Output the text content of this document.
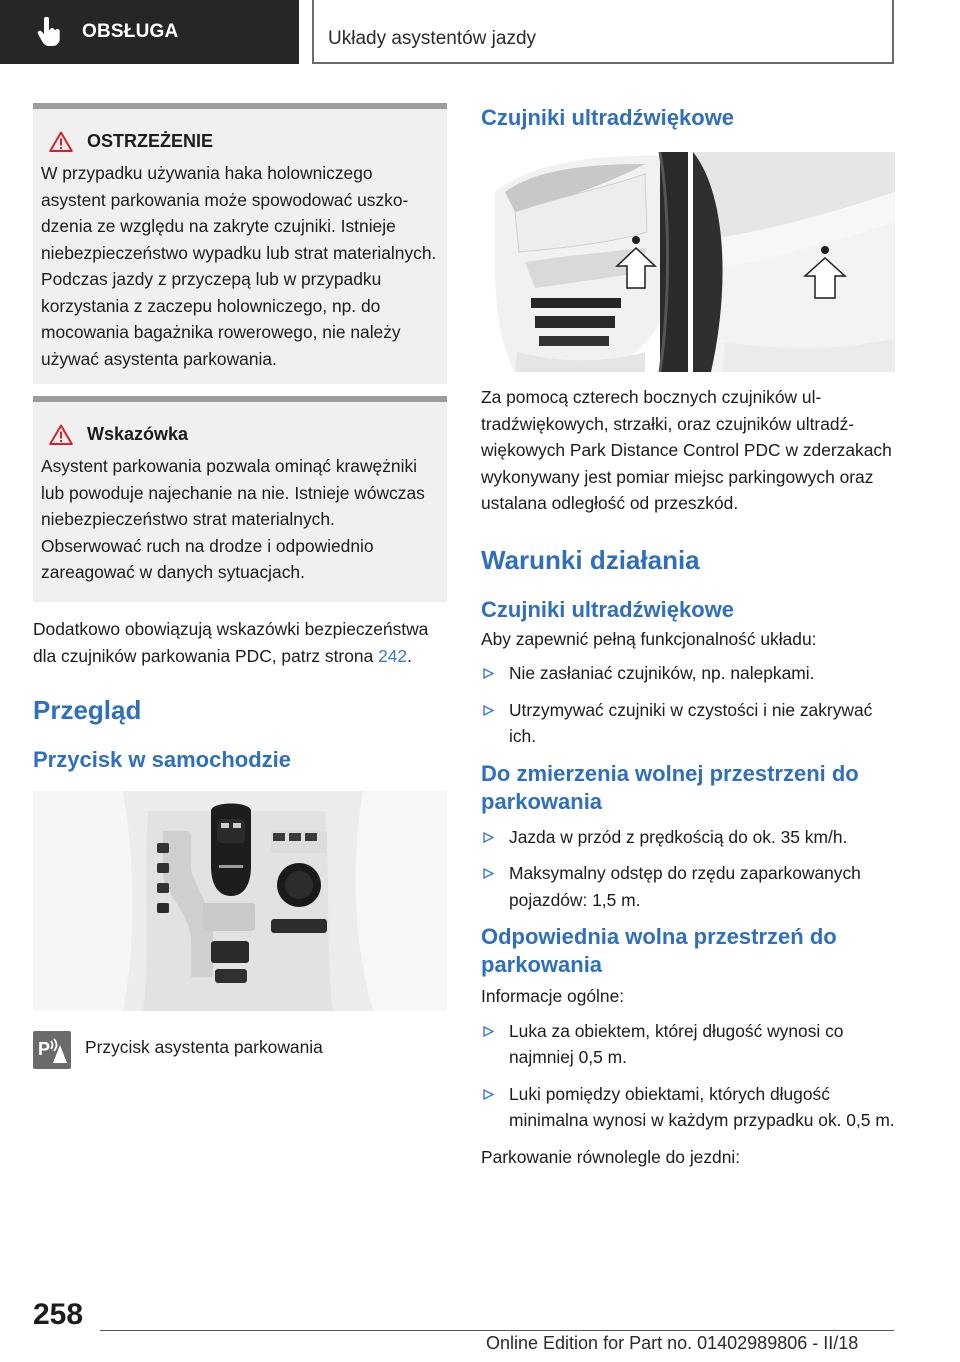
OBSŁUGA	Układy asystentów jazdy
OSTRZEŻENIE

W przypadku używania haka holowniczego asystent parkowania może spowodować uszkodzenia ze względu na zakryte czujniki. Istnieje niebezpieczeństwo wypadku lub strat materialnych. Podczas jazdy z przyczepą lub w przypadku korzystania z zaczepu holowniczego, np. do mocowania bagażnika rowerowego, nie należy używać asystenta parkowania.

Wskazówka

Asystent parkowania pozwala ominąć krawężniki lub powoduje najechanie na nie. Istnieje wówczas niebezpieczeństwo strat materialnych. Obserwować ruch na drodze i odpowiednio zareagować w danych sytuacjach.

Dodatkowo obowiązują wskazówki bezpieczeństwa dla czujników parkowania PDC, patrz strona 242.

Przegląd
Przycisk w samochodzie
P Przycisk asystenta parkowania
Czujniki ultradźwiękowe

Za pomocą czterech bocznych czujników ultradźwiękowych, strzałki, oraz czujników ultradźwiękowych Park Distance Control PDC w zderzakach wykonywany jest pomiar miejsc parkingowych oraz ustalana odległość od przeszkód.

Warunki działania
Czujniki ultradźwiękowe

Aby zapewnić pełną funkcjonalność układu:

Nie zasłaniać czujników, np. nalepkami.
Utrzymywać czujniki w czystości i nie zakrywać ich.
Do zmierzenia wolnej przestrzeni do parkowania
Jazda w przód z prędkością do ok. 35 km/h.
Maksymalny odstęp do rzędu zaparkowanych pojazdów: 1,5 m.
Odpowiednia wolna przestrzeń do parkowania

Informacje ogólne:

Luka za obiektem, której długość wynosi co najmniej 0,5 m.
Luki pomiędzy obiektami, których długość minimalna wynosi w każdym przypadku ok. 0,5 m.

Parkowanie równolegle do jezdni:

258
Online Edition for Part no. 01402989806 - II/18
